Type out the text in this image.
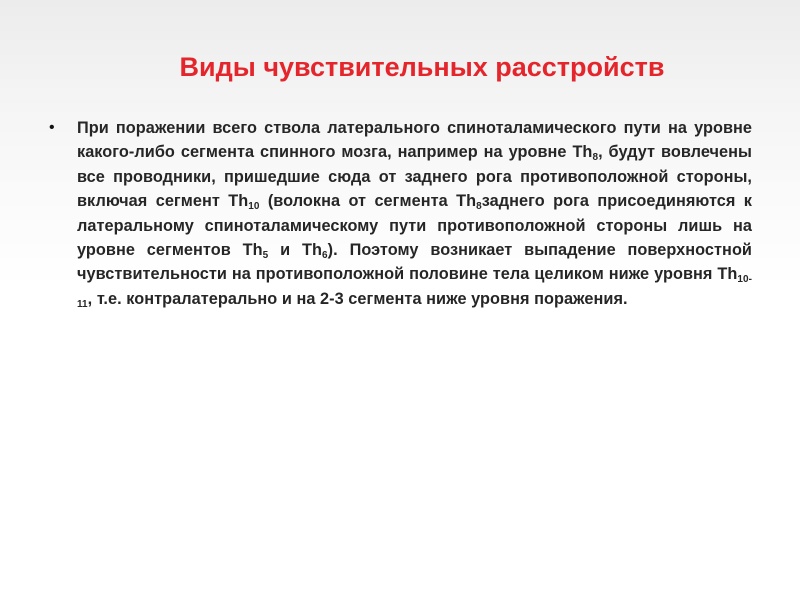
Виды чувствительных расстройств
• При поражении всего ствола латерального спиноталамического пути на уровне какого-либо сегмента спинного мозга, например на уровне $Th_8$, будут вовлечены все проводники, пришедшие сюда от заднего рога противоположной стороны, включая сегмент $Th_{10}$ (волокна от сегмента $Th_8заднего$ рога присоединяются к латеральному спиноталамическому пути противоположной стороны лишь на уровне сегментов $Th_5$ и $Th_6$). Поэтому возникает выпадение поверхностной чувствительности на противоположной половине тела целиком ниже уровня $Th_{10-11}$, т.е. контралатерально и на 2-3 сегмента ниже уровня поражения.
